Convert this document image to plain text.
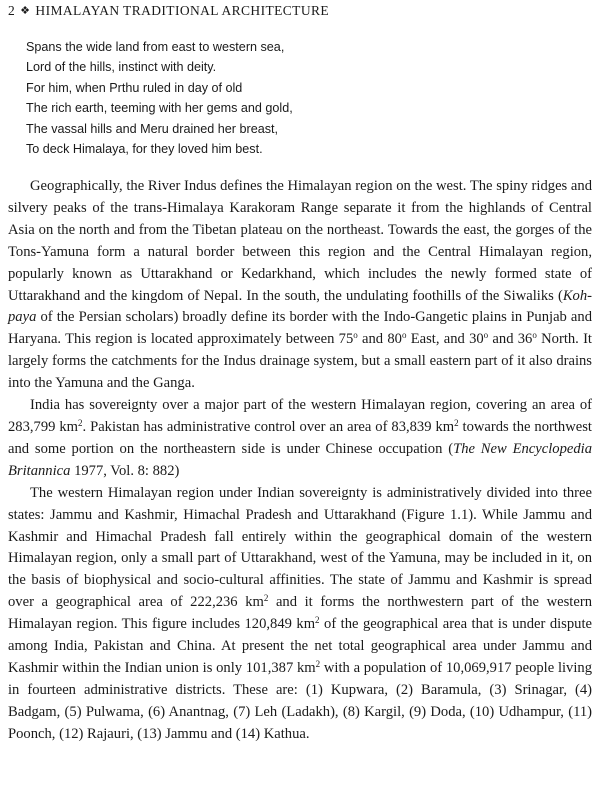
2 ❖ HIMALAYAN TRADITIONAL ARCHITECTURE
Spans the wide land from east to western sea,
Lord of the hills, instinct with deity.
For him, when Prthu ruled in day of old
The rich earth, teeming with her gems and gold,
The vassal hills and Meru drained her breast,
To deck Himalaya, for they loved him best.

Geographically, the River Indus defines the Himalayan region on the west. The spiny ridges and silvery peaks of the trans-Himalaya Karakoram Range separate it from the highlands of Central Asia on the north and from the Tibetan plateau on the northeast. Towards the east, the gorges of the Tons-Yamuna form a natural border between this region and the Central Himalayan region, popularly known as Uttarakhand or Kedarkhand, which includes the newly formed state of Uttarakhand and the kingdom of Nepal. In the south, the undulating foothills of the Siwaliks (Koh-paya of the Persian scholars) broadly define its border with the Indo-Gangetic plains in Punjab and Haryana. This region is located approximately between 75$^o$ and 80$^o$ East, and 30$^o$ and 36$^o$ North. It largely forms the catchments for the Indus drainage system, but a small eastern part of it also drains into the Yamuna and the Ganga.

India has sovereignty over a major part of the western Himalayan region, covering an area of 283,799 $km^2$. Pakistan has administrative control over an area of 83,839 $km^2$ towards the northwest and some portion on the northeastern side is under Chinese occupation (The New Encyclopedia Britannica 1977, Vol. 8: 882)

The western Himalayan region under Indian sovereignty is administratively divided into three states: Jammu and Kashmir, Himachal Pradesh and Uttarakhand (Figure 1.1). While Jammu and Kashmir and Himachal Pradesh fall entirely within the geographical domain of the western Himalayan region, only a small part of Uttarakhand, west of the Yamuna, may be included in it, on the basis of biophysical and socio-cultural affinities. The state of Jammu and Kashmir is spread over a geographical area of 222,236 $km^2$ and it forms the northwestern part of the western Himalayan region. This figure includes 120,849 $km^2$ of the geographical area that is under dispute among India, Pakistan and China. At present the net total geographical area under Jammu and Kashmir within the Indian union is only 101,387 $km^2$ with a population of 10,069,917 people living in fourteen administrative districts. These are: (1) Kupwara, (2) Baramula, (3) Srinagar, (4) Badgam, (5) Pulwama, (6) Anantnag, (7) Leh (Ladakh), (8) Kargil, (9) Doda, (10) Udhampur, (11) Poonch, (12) Rajauri, (13) Jammu and (14) Kathua.
